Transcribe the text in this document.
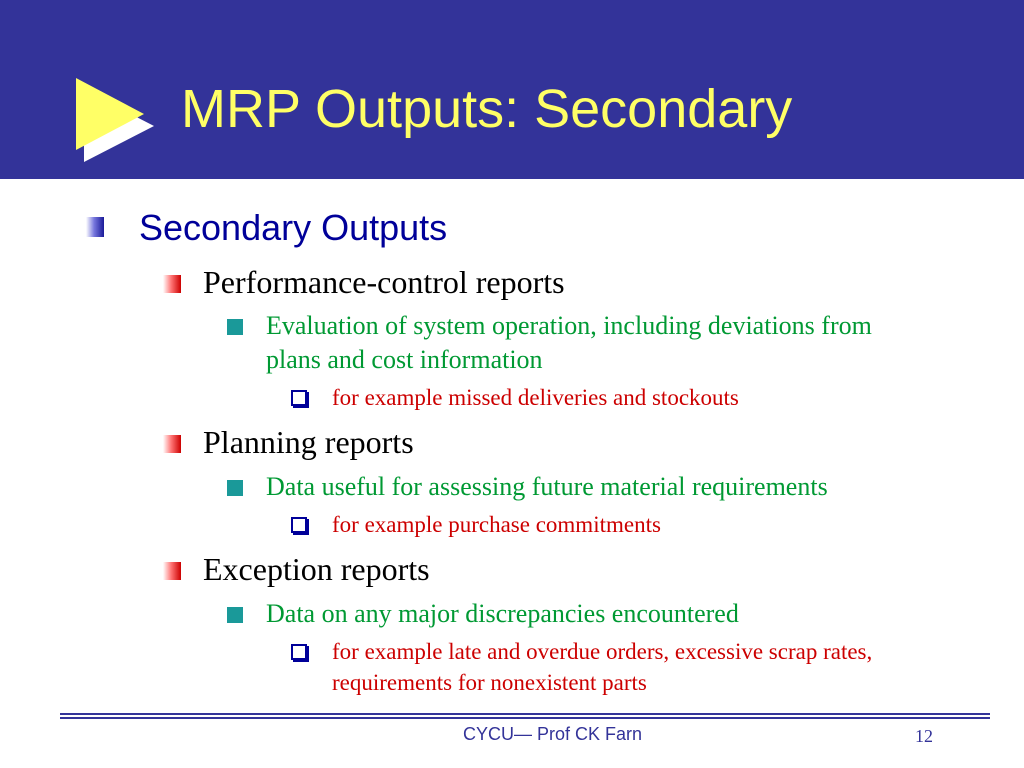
MRP Outputs: Secondary
Secondary Outputs
Performance-control reports
Evaluation of system operation, including deviations from
plans and cost information
for example missed deliveries and stockouts
Planning reports
Data useful for assessing future material requirements
for example purchase commitments
Exception reports
Data on any major discrepancies encountered
for example late and overdue orders, excessive scrap rates,
requirements for nonexistent parts
CYCU— Prof CK Farn	12
